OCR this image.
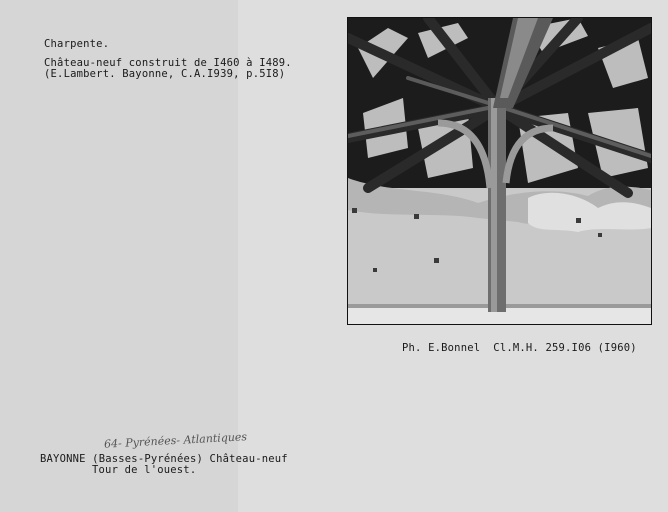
Charpente.
Château-neuf construit de I460 à I489.
(E.Lambert. Bayonne, C.A.I939, p.5I8)
Ph. E.Bonnel  Cl.M.H. 259.I06 (I960)
64- Pyrénées- Atlantiques
BAYONNE (Basses-Pyrénées) Château-neuf
Tour de l'ouest.
